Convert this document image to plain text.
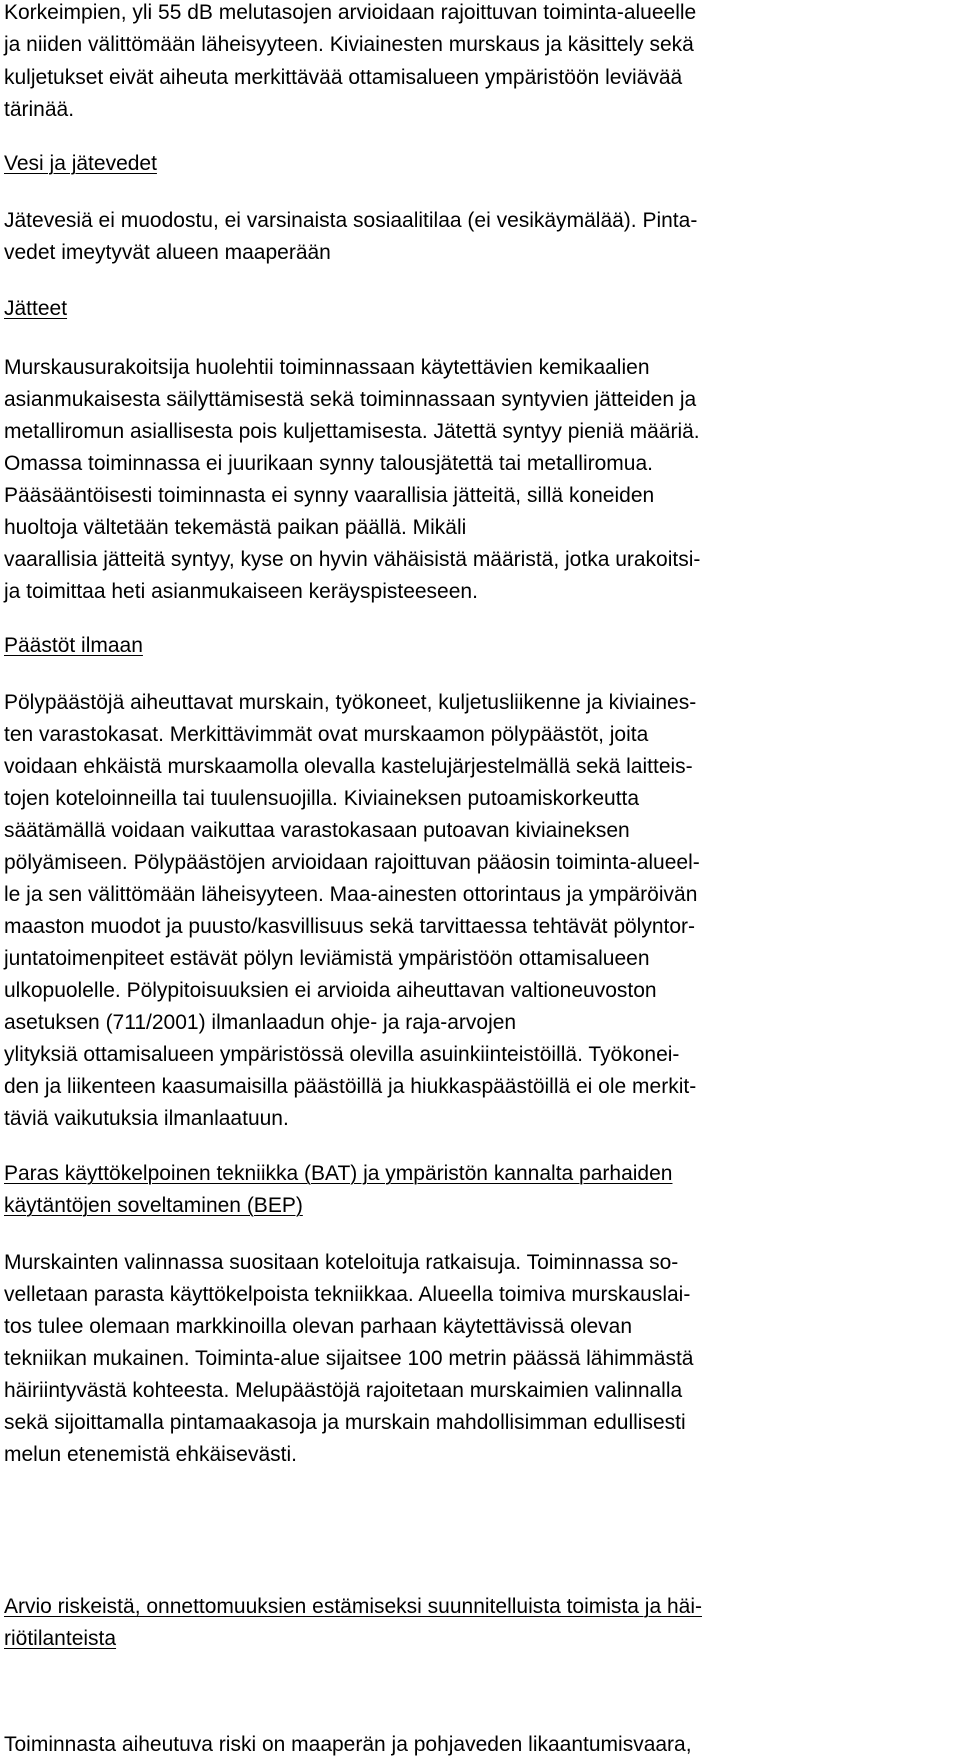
Korkeimpien, yli 55 dB melutasojen arvioidaan rajoittuvan toiminta-alueelle
ja niiden välittömään läheisyyteen. Kiviainesten murskaus ja käsittely sekä
kuljetukset eivät aiheuta merkittävää ottamisalueen ympäristöön leviävää
tärinää.
Vesi ja jätevedet
Jätevesiä ei muodostu, ei varsinaista sosiaalitilaa (ei vesikäymälää). Pinta-
vedet imeytyvät alueen maaperään
Jätteet
Murskausurakoitsija huolehtii toiminnassaan käytettävien kemikaalien
asianmukaisesta säilyttämisestä sekä toiminnassaan syntyvien jätteiden ja
metalliromun asiallisesta pois kuljettamisesta. Jätettä syntyy pieniä määriä.
Omassa toiminnassa ei juurikaan synny talousjätettä tai metalliromua.
Pääsääntöisesti toiminnasta ei synny vaarallisia jätteitä, sillä koneiden
huoltoja vältetään tekemästä paikan päällä. Mikäli
vaarallisia jätteitä syntyy, kyse on hyvin vähäisistä määristä, jotka urakoitsi-
ja toimittaa heti asianmukaiseen keräyspisteeseen.
Päästöt ilmaan
Pölypäästöjä aiheuttavat murskain, työkoneet, kuljetusliikenne ja kiviaines-
ten varastokasat. Merkittävimmät ovat murskaamon pölypäästöt, joita
voidaan ehkäistä murskaamolla olevalla kastelujärjestelmällä sekä laitteis-
tojen koteloinneilla tai tuulensuojilla. Kiviaineksen putoamiskorkeutta
säätämällä voidaan vaikuttaa varastokasaan putoavan kiviaineksen
pölyämiseen. Pölypäästöjen arvioidaan rajoittuvan pääosin toiminta-alueel-
le ja sen välittömään läheisyyteen. Maa-ainesten ottorintaus ja ympäröivän
maaston muodot ja puusto/kasvillisuus sekä tarvittaessa tehtävät pölyntor-
juntatoimenpiteet estävät pölyn leviämistä ympäristöön ottamisalueen
ulkopuolelle. Pölypitoisuuksien ei arvioida aiheuttavan valtioneuvoston
asetuksen (711/2001) ilmanlaadun ohje- ja raja-arvojen
ylityksiä ottamisalueen ympäristössä olevilla asuinkiinteistöillä. Työkonei-
den ja liikenteen kaasumaisilla päästöillä ja hiukkaspäästöillä ei ole merkit-
täviä vaikutuksia ilmanlaatuun.
Paras käyttökelpoinen tekniikka (BAT) ja ympäristön kannalta parhaiden
käytäntöjen soveltaminen (BEP)
Murskainten valinnassa suositaan koteloituja ratkaisuja. Toiminnassa so-
velletaan parasta käyttökelpoista tekniikkaa. Alueella toimiva murskauslai-
tos tulee olemaan markkinoilla olevan parhaan käytettävissä olevan
tekniikan mukainen. Toiminta-alue sijaitsee 100 metrin päässä lähimmästä
häiriintyvästä kohteesta. Melupäästöjä rajoitetaan murskaimien valinnalla
sekä sijoittamalla pintamaakasoja ja murskain mahdollisimman edullisesti
melun etenemistä ehkäisevästi.
Arvio riskeistä, onnettomuuksien estämiseksi suunnitelluista toimista ja häi-
riötilanteista
Toiminnasta aiheutuva riski on maaperän ja pohjaveden likaantumisvaara,
